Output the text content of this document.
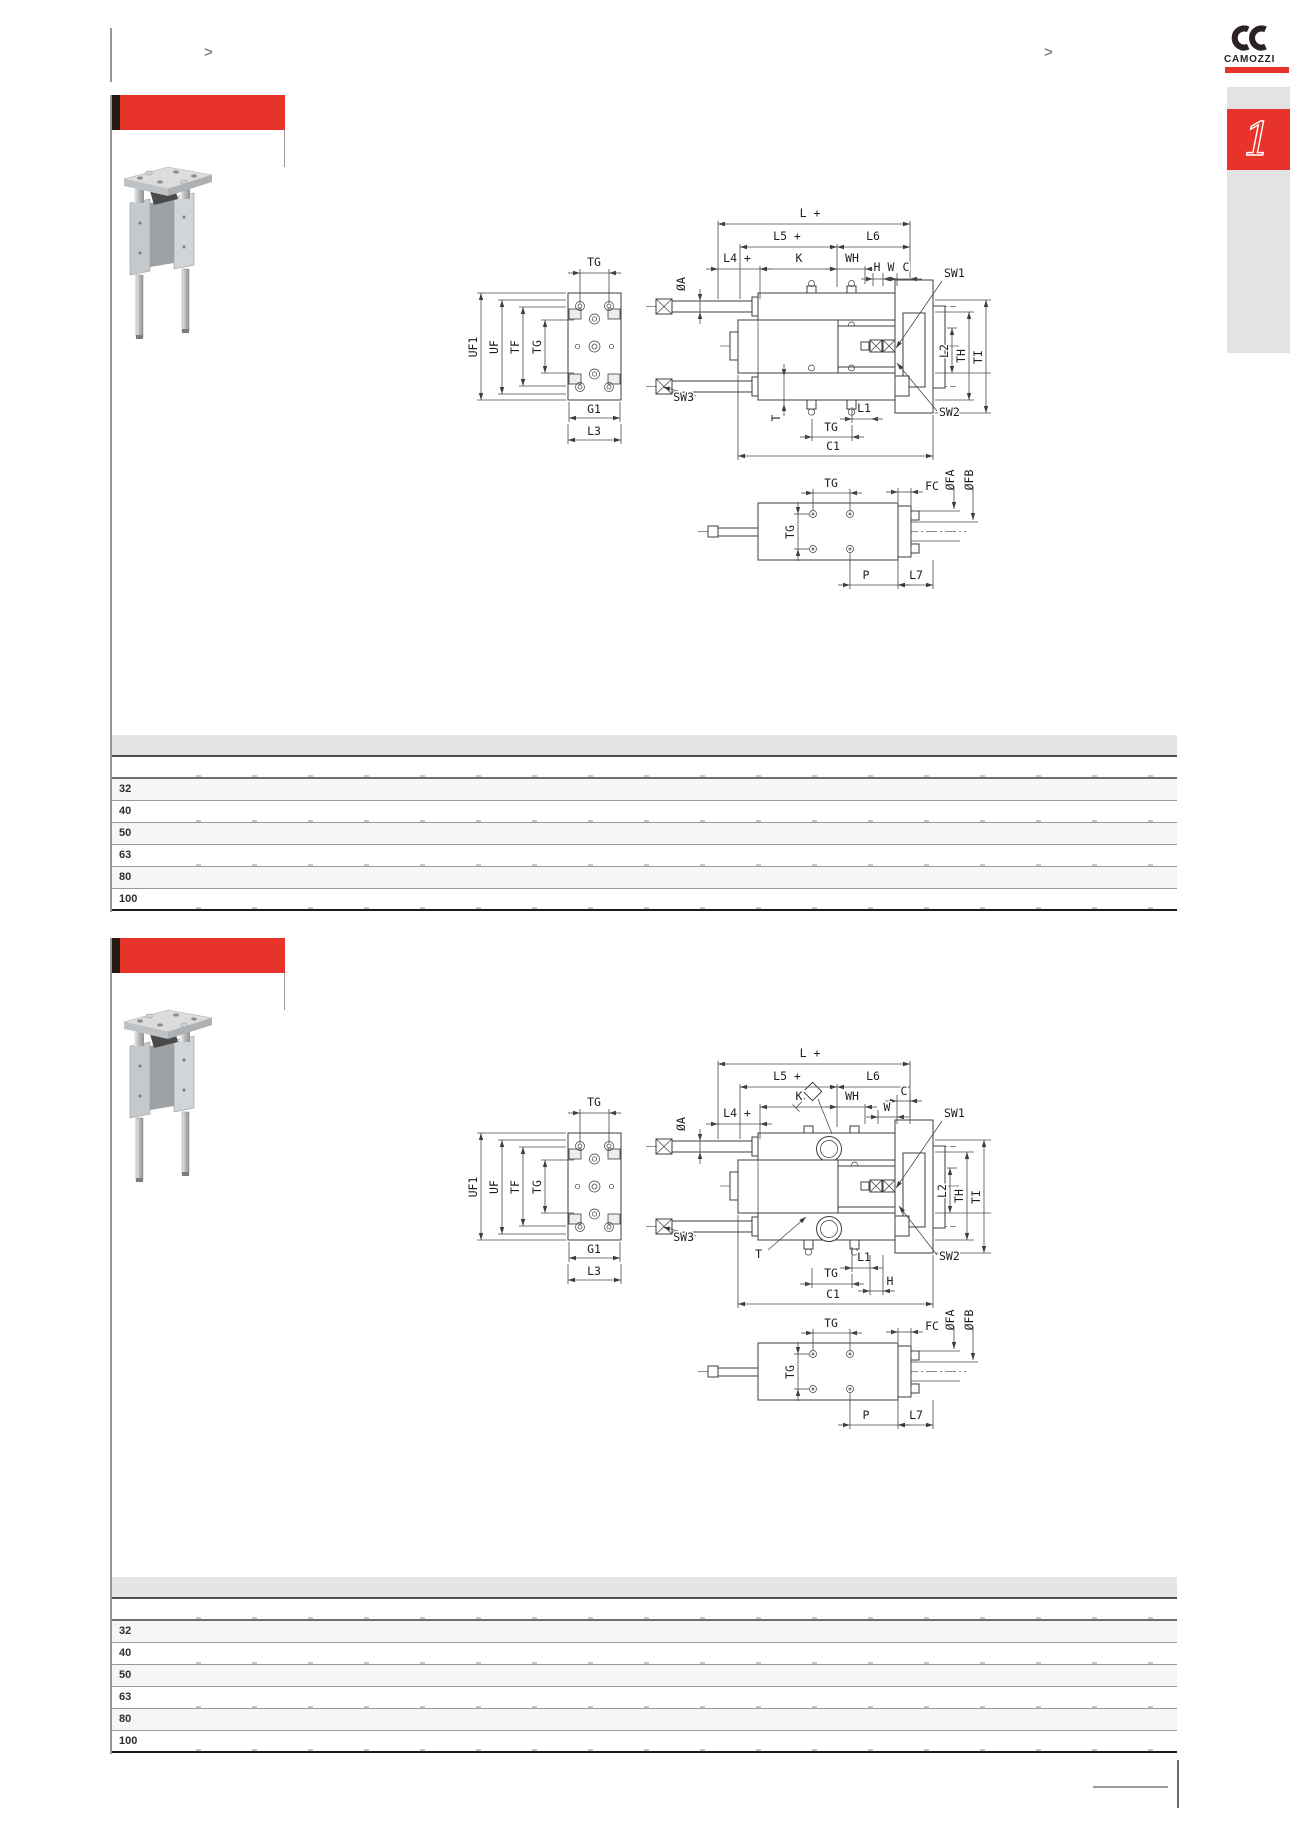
>	>	CAMOZZI
1
TG
UF1 UF TF TG
G1
L3
L +
L5 +	L6
L4 +	K	WH
H W C	SW1
ØA
L2 TH TI
T
SW3
SW2
L1
TG
C1
TG
TG
FC ØFA ØFB
P	L7
32
40
50
63
80
100
TG
UF1 UF TF TG
G1
L3
L +
L5 +	L6
K	WH	C
L4 +	W	SW1
ØA
L2 TH TI
SW3
SW2
T	L1
TG
H
C1
TG
TG
FC ØFA ØFB
P	L7
32
40
50
63
80
100
